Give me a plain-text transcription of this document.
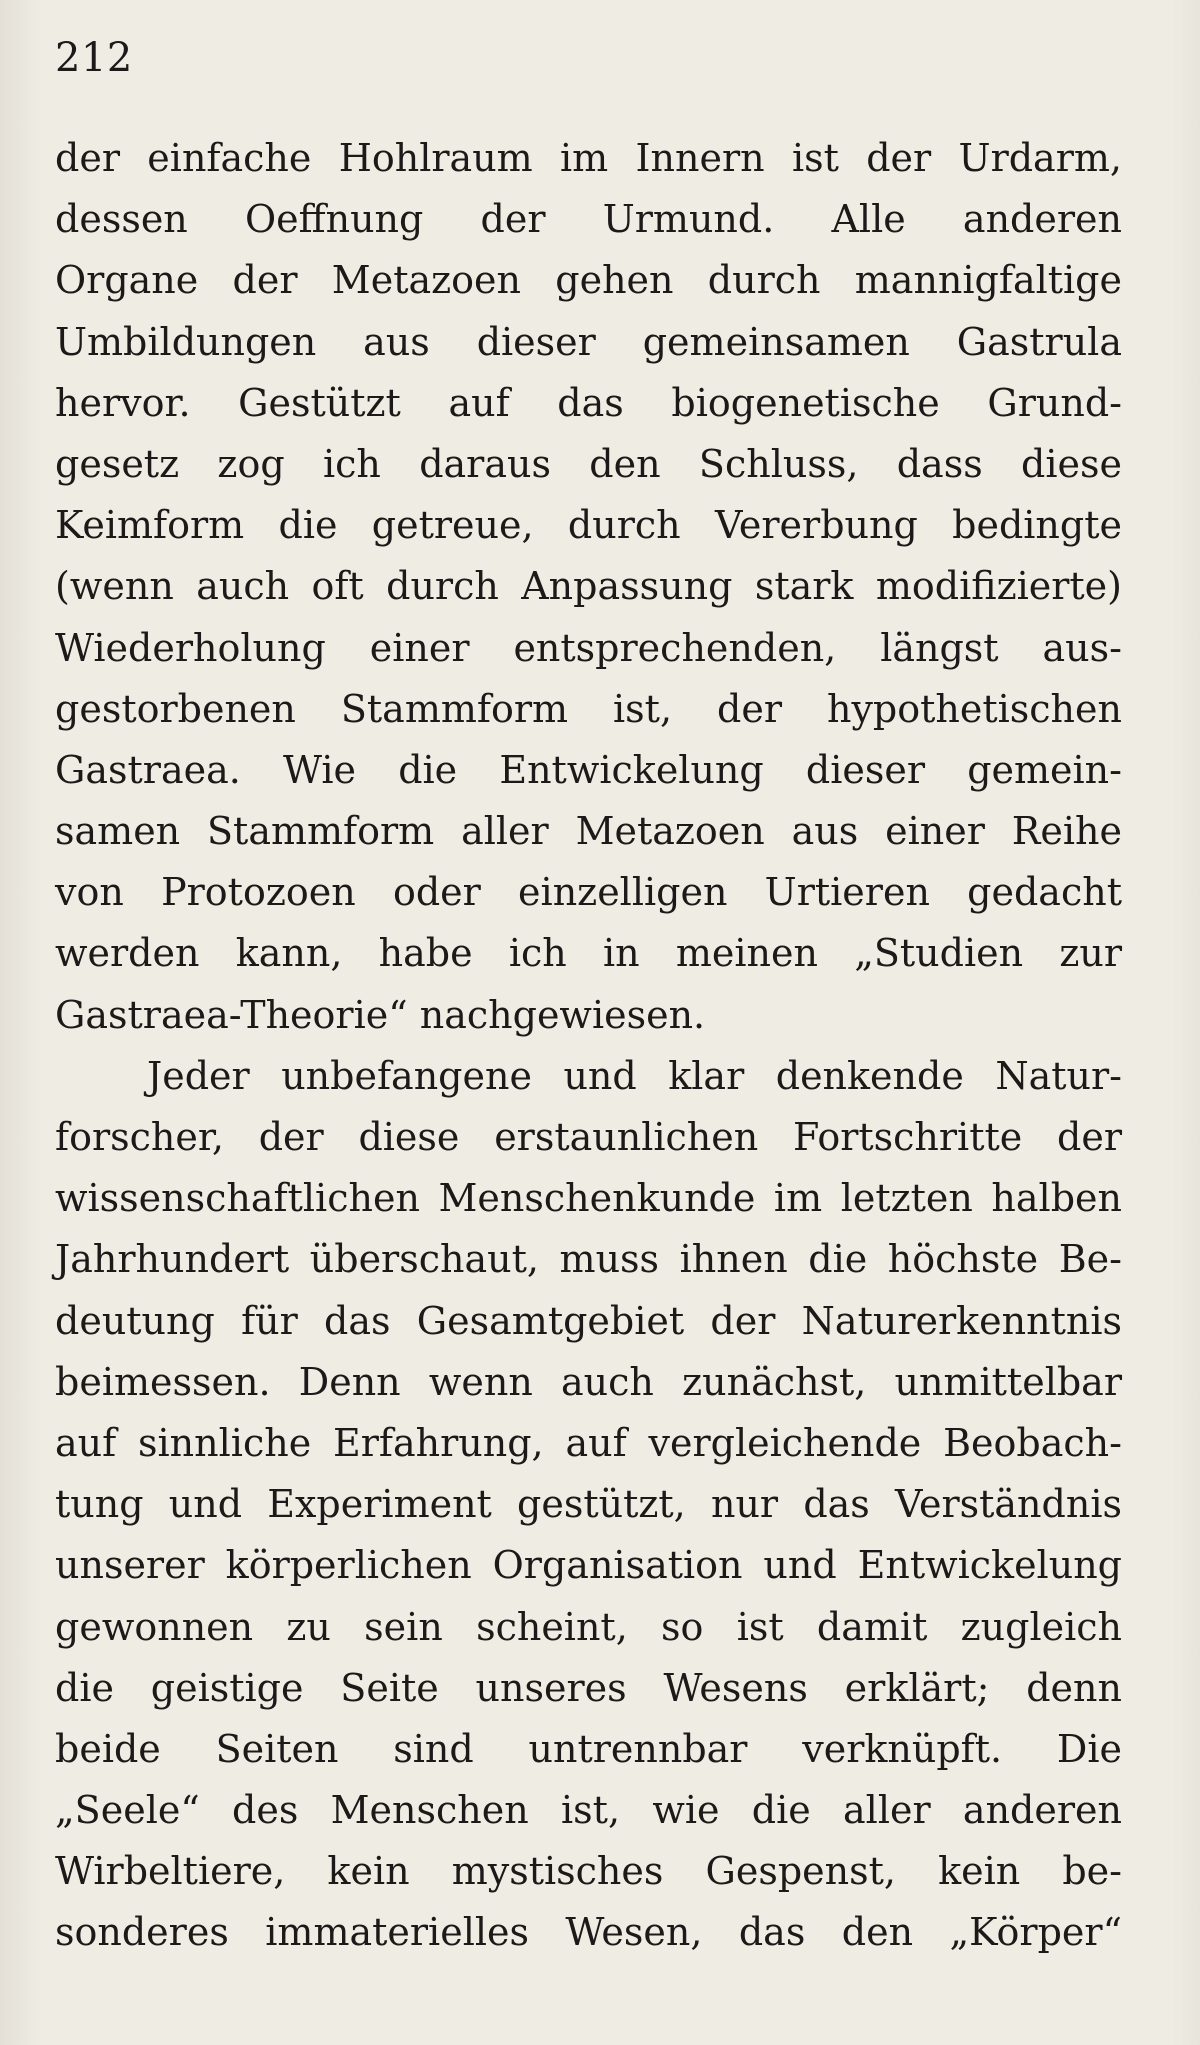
212
der einfache Hohlraum im Innern ist der Urdarm,
dessen Oeffnung der Urmund. Alle anderen
Organe der Metazoen gehen durch mannigfaltige
Umbildungen aus dieser gemeinsamen Gastrula
hervor. Gestützt auf das biogenetische Grund-
gesetz zog ich daraus den Schluss, dass diese
Keimform die getreue, durch Vererbung bedingte
(wenn auch oft durch Anpassung stark modifizierte)
Wiederholung einer entsprechenden, längst aus-
gestorbenen Stammform ist, der hypothetischen
Gastraea. Wie die Entwickelung dieser gemein-
samen Stammform aller Metazoen aus einer Reihe
von Protozoen oder einzelligen Urtieren gedacht
werden kann, habe ich in meinen „Studien zur
Gastraea-Theorie“ nachgewiesen.
Jeder unbefangene und klar denkende Natur-
forscher, der diese erstaunlichen Fortschritte der
wissenschaftlichen Menschenkunde im letzten halben
Jahrhundert überschaut, muss ihnen die höchste Be-
deutung für das Gesamtgebiet der Naturerkenntnis
beimessen. Denn wenn auch zunächst, unmittelbar
auf sinnliche Erfahrung, auf vergleichende Beobach-
tung und Experiment gestützt, nur das Verständnis
unserer körperlichen Organisation und Entwickelung
gewonnen zu sein scheint, so ist damit zugleich
die geistige Seite unseres Wesens erklärt; denn
beide Seiten sind untrennbar verknüpft. Die
„Seele“ des Menschen ist, wie die aller anderen
Wirbeltiere, kein mystisches Gespenst, kein be-
sonderes immaterielles Wesen, das den „Körper“
